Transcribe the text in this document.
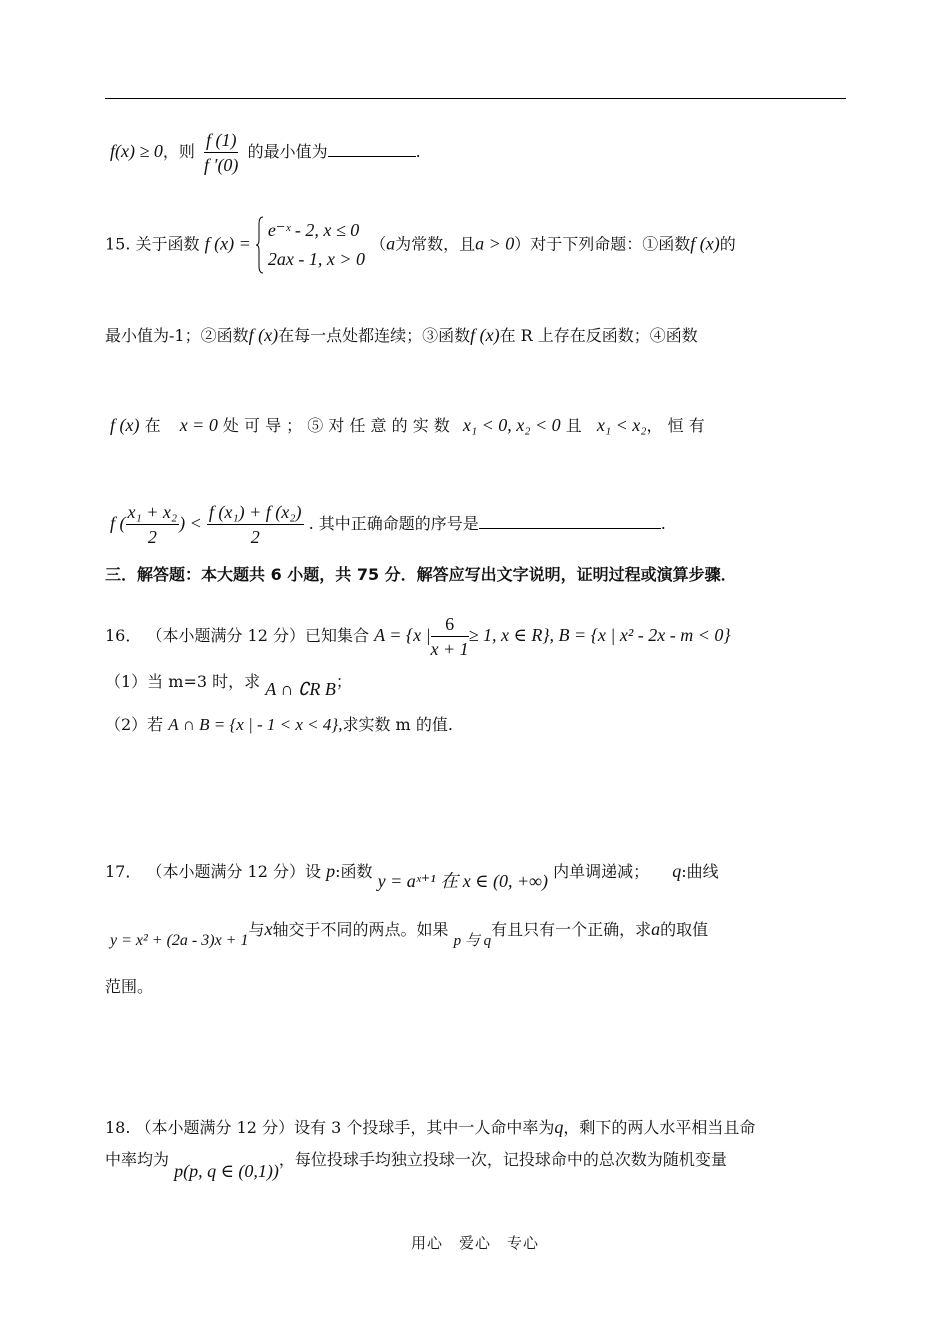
f(x) ≥ 0，则 $\frac{f (1)}{f '(0)}$ 的最小值为	.
15. 关于函数 f (x) =
e⁻ˣ - 2, x ≤ 0
2ax - 1, x > 0
（a为常数，且a > 0）对于下列命题：①函数f (x)的
最小值为-1；②函数f (x)在每一点处都连续；③函数f (x)在 R 上存在反函数；④函数
f (x) 在 x = 0 处 可 导 ； ⑤ 对 任 意 的 实 数 x₁ < 0, x₂ < 0 且 x₁ < x₂， 恒 有
f ( $\frac{\text{x₁ + x₂}}{2}$ ) < $\frac{\text{f (x₁) + f (x₂)}}{2}$ . 其中正确命题的序号是	.
三．解答题：本大题共 6 小题，共 75 分．解答应写出文字说明，证明过程或演算步骤．
16． （本小题满分 12 分）已知集合 A = {x | $\frac{6}{x + 1} \ge 1$, x ∈ R}, B = {x | x² - 2x - m < 0}
（1）当 m=3 时，求 A ∩ ∁R B；
（2）若 A ∩ B = {x | - 1 < x < 4},求实数 m 的值.
17． （本小题满分 12 分）设 p:函数 y = aˣ⁺¹ 在 x ∈ (0, +∞) 内单调递减； q:曲线
y = x² + (2a - 3)x + 1与x轴交于不同的两点。如果 p 与 q有且只有一个正确，求a的取值
范围。
18. （本小题满分 12 分）设有 3 个投球手，其中一人命中率为q，剩下的两人水平相当且命
中率均为 p(p, q ∈ (0,1))，每位投球手均独立投球一次，记投球命中的总次数为随机变量
用心　爱心　专心
